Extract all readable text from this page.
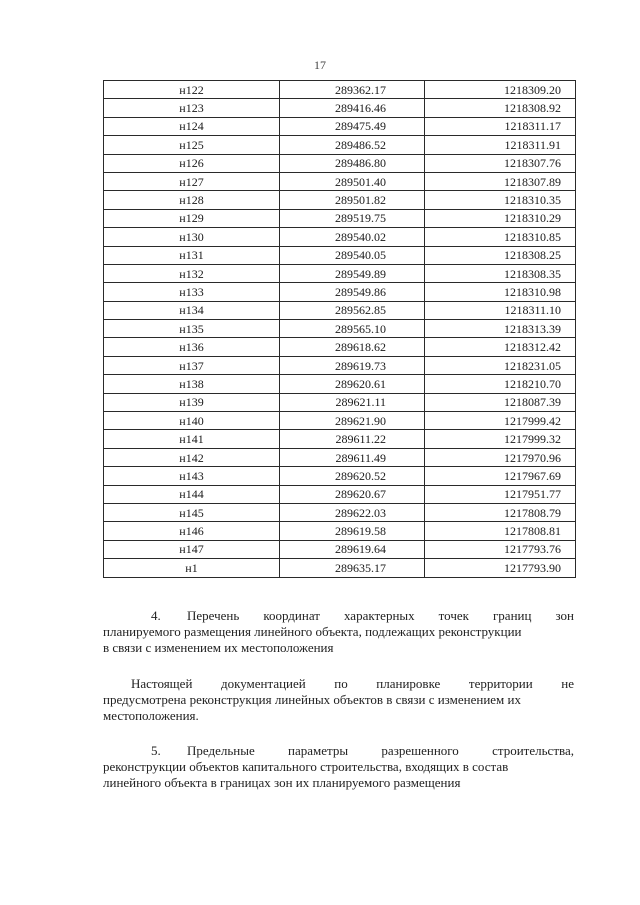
17
н122	289362.17	1218309.20
н123	289416.46	1218308.92
н124	289475.49	1218311.17
н125	289486.52	1218311.91
н126	289486.80	1218307.76
н127	289501.40	1218307.89
н128	289501.82	1218310.35
н129	289519.75	1218310.29
н130	289540.02	1218310.85
н131	289540.05	1218308.25
н132	289549.89	1218308.35
н133	289549.86	1218310.98
н134	289562.85	1218311.10
н135	289565.10	1218313.39
н136	289618.62	1218312.42
н137	289619.73	1218231.05
н138	289620.61	1218210.70
н139	289621.11	1218087.39
н140	289621.90	1217999.42
н141	289611.22	1217999.32
н142	289611.49	1217970.96
н143	289620.52	1217967.69
н144	289620.67	1217951.77
н145	289622.03	1217808.79
н146	289619.58	1217808.81
н147	289619.64	1217793.76
н1	289635.17	1217793.90
4. Перечень координат характерных точек границ зон
планируемого размещения линейного объекта, подлежащих реконструкции
в связи с изменением их местоположения
Настоящей документацией по планировке территории не
предусмотрена реконструкция линейных объектов в связи с изменением их
местоположения.
5. Предельные параметры разрешенного строительства,
реконструкции объектов капитального строительства, входящих в состав
линейного объекта в границах зон их планируемого размещения
